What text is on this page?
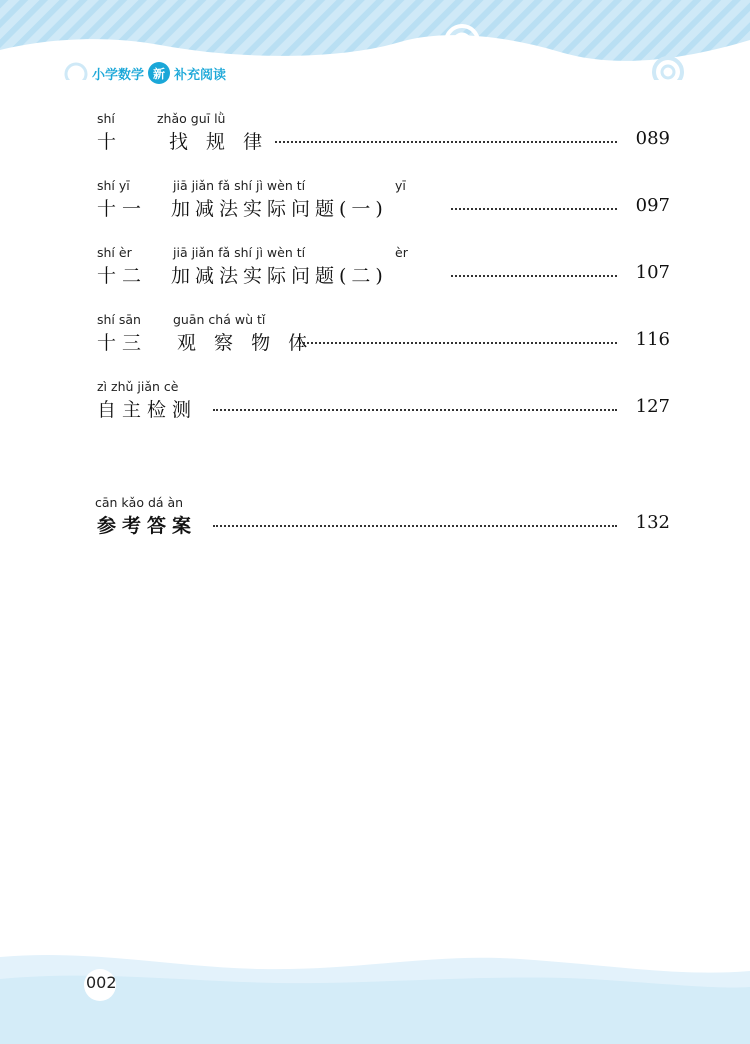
小学数学 新 补充阅读
shí	zhǎo guī lǜ
十 找 规 律	089
shí yī	jiā jiǎn fǎ shí jì wèn tí	yī
十一 加减法实际问题(一)	097
shí èr	jiā jiǎn fǎ shí jì wèn tí	èr
十二 加减法实际问题(二)	107
shí sān	guān chá wù tǐ
十三 观 察 物 体	116
zì zhǔ jiǎn cè
自主检测	127
cān kǎo dá àn
参考答案	132
002
